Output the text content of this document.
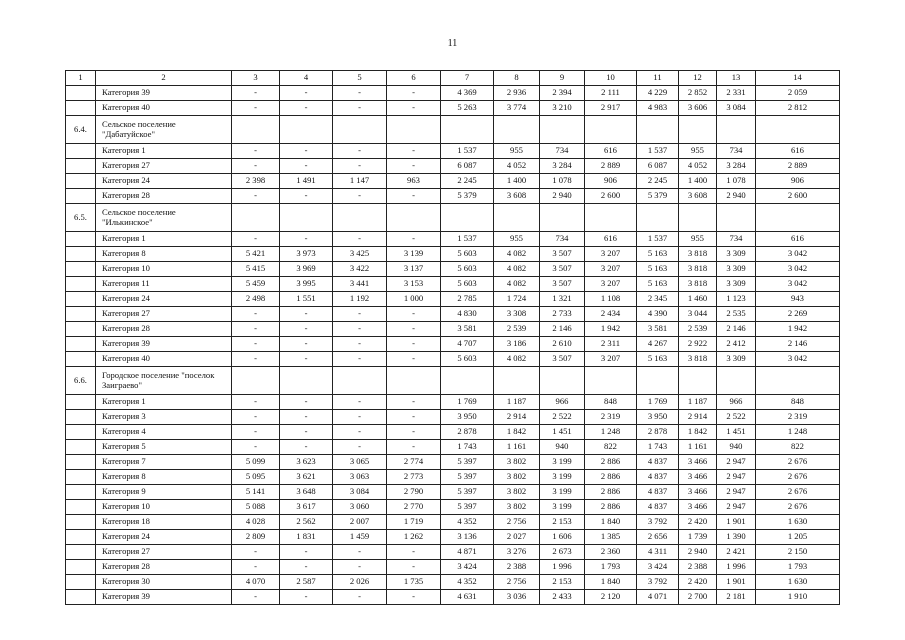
11
1	2	3	4	5	6	7	8	9	10	11	12	13	14
	Категория 39	-	-	-	-	4 369	2 936	2 394	2 111	4 229	2 852	2 331	2 059
	Категория 40	-	-	-	-	5 263	3 774	3 210	2 917	4 983	3 606	3 084	2 812
6.4.	Сельское поселение "Дабатуйское"												
	Категория 1	-	-	-	-	1 537	955	734	616	1 537	955	734	616
	Категория 27	-	-	-	-	6 087	4 052	3 284	2 889	6 087	4 052	3 284	2 889
	Категория 24	2 398	1 491	1 147	963	2 245	1 400	1 078	906	2 245	1 400	1 078	906
	Категория 28	-	-	-	-	5 379	3 608	2 940	2 600	5 379	3 608	2 940	2 600
6.5.	Сельское поселение "Илькинское"												
	Категория 1	-	-	-	-	1 537	955	734	616	1 537	955	734	616
	Категория 8	5 421	3 973	3 425	3 139	5 603	4 082	3 507	3 207	5 163	3 818	3 309	3 042
	Категория 10	5 415	3 969	3 422	3 137	5 603	4 082	3 507	3 207	5 163	3 818	3 309	3 042
	Категория 11	5 459	3 995	3 441	3 153	5 603	4 082	3 507	3 207	5 163	3 818	3 309	3 042
	Категория 24	2 498	1 551	1 192	1 000	2 785	1 724	1 321	1 108	2 345	1 460	1 123	943
	Категория 27	-	-	-	-	4 830	3 308	2 733	2 434	4 390	3 044	2 535	2 269
	Категория 28	-	-	-	-	3 581	2 539	2 146	1 942	3 581	2 539	2 146	1 942
	Категория 39	-	-	-	-	4 707	3 186	2 610	2 311	4 267	2 922	2 412	2 146
	Категория 40	-	-	-	-	5 603	4 082	3 507	3 207	5 163	3 818	3 309	3 042
6.6.	Городское поселение "поселок Заиграево"												
	Категория 1	-	-	-	-	1 769	1 187	966	848	1 769	1 187	966	848
	Категория 3	-	-	-	-	3 950	2 914	2 522	2 319	3 950	2 914	2 522	2 319
	Категория 4	-	-	-	-	2 878	1 842	1 451	1 248	2 878	1 842	1 451	1 248
	Категория 5	-	-	-	-	1 743	1 161	940	822	1 743	1 161	940	822
	Категория 7	5 099	3 623	3 065	2 774	5 397	3 802	3 199	2 886	4 837	3 466	2 947	2 676
	Категория 8	5 095	3 621	3 063	2 773	5 397	3 802	3 199	2 886	4 837	3 466	2 947	2 676
	Категория 9	5 141	3 648	3 084	2 790	5 397	3 802	3 199	2 886	4 837	3 466	2 947	2 676
	Категория 10	5 088	3 617	3 060	2 770	5 397	3 802	3 199	2 886	4 837	3 466	2 947	2 676
	Категория 18	4 028	2 562	2 007	1 719	4 352	2 756	2 153	1 840	3 792	2 420	1 901	1 630
	Категория 24	2 809	1 831	1 459	1 262	3 136	2 027	1 606	1 385	2 656	1 739	1 390	1 205
	Категория 27	-	-	-	-	4 871	3 276	2 673	2 360	4 311	2 940	2 421	2 150
	Категория 28	-	-	-	-	3 424	2 388	1 996	1 793	3 424	2 388	1 996	1 793
	Категория 30	4 070	2 587	2 026	1 735	4 352	2 756	2 153	1 840	3 792	2 420	1 901	1 630
	Категория 39	-	-	-	-	4 631	3 036	2 433	2 120	4 071	2 700	2 181	1 910
